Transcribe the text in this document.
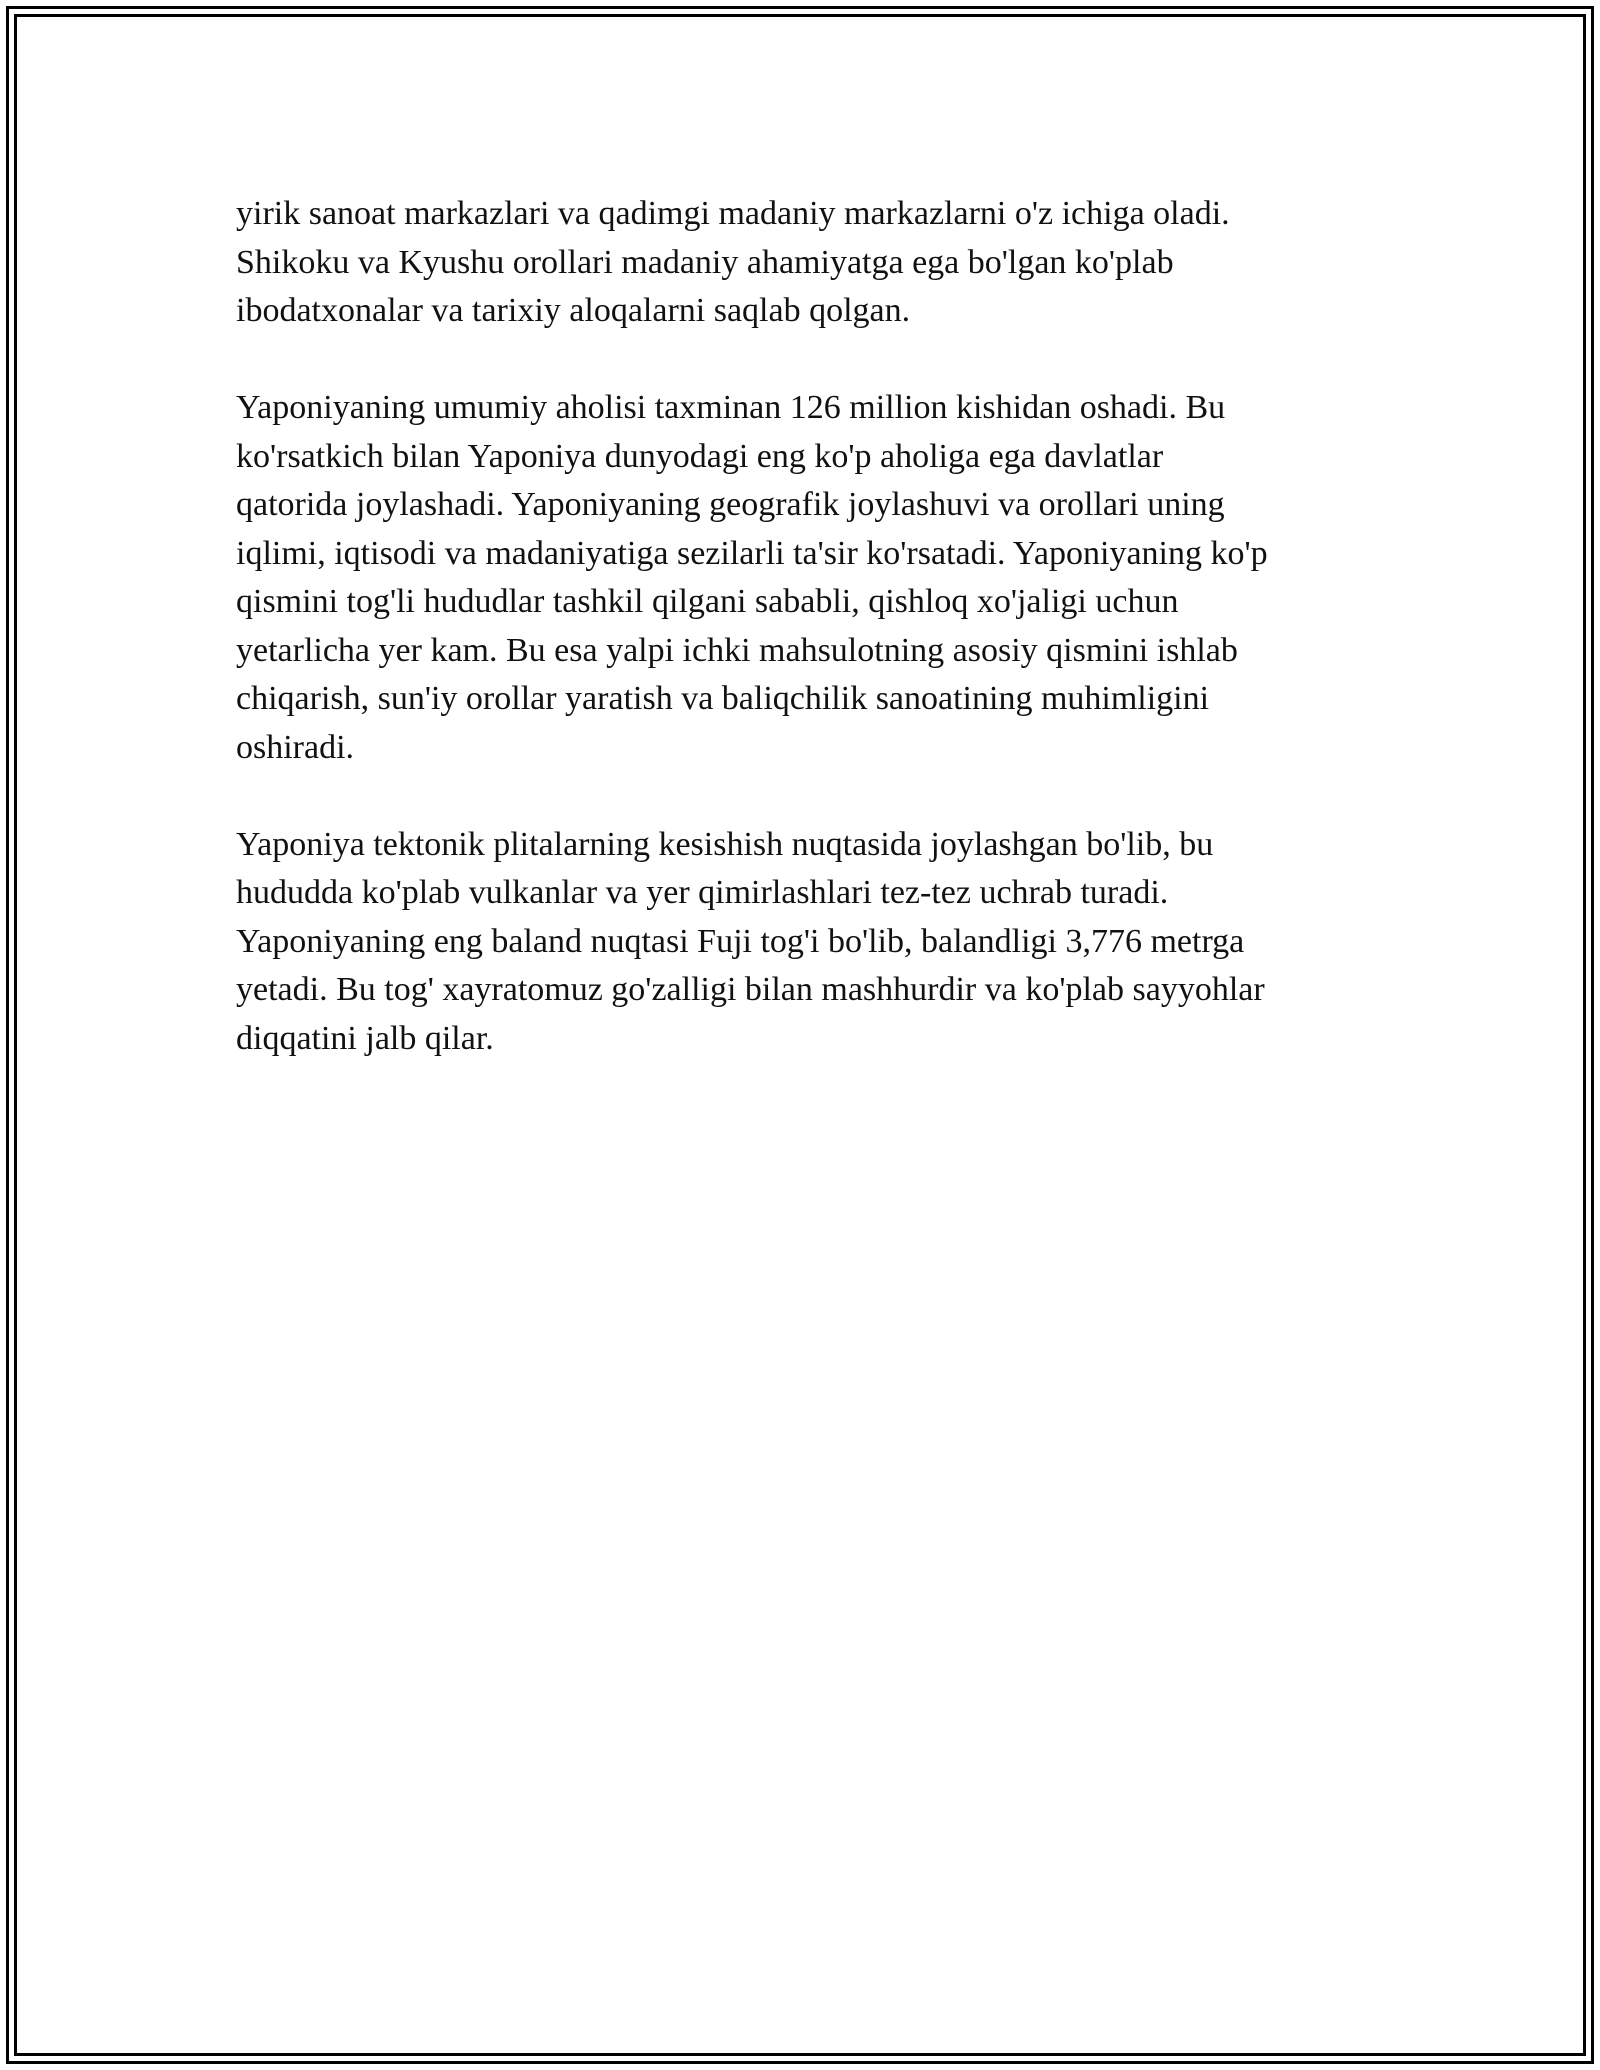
yirik sanoat markazlari va qadimgi madaniy markazlarni o'z ichiga oladi.
Shikoku va Kyushu orollari madaniy ahamiyatga ega bo'lgan ko'plab
ibodatxonalar va tarixiy aloqalarni saqlab qolgan.

Yaponiyaning umumiy aholisi taxminan 126 million kishidan oshadi. Bu
ko'rsatkich bilan Yaponiya dunyodagi eng ko'p aholiga ega davlatlar
qatorida joylashadi. Yaponiyaning geografik joylashuvi va orollari uning
iqlimi, iqtisodi va madaniyatiga sezilarli ta'sir ko'rsatadi. Yaponiyaning ko'p
qismini tog'li hududlar tashkil qilgani sababli, qishloq xo'jaligi uchun
yetarlicha yer kam. Bu esa yalpi ichki mahsulotning asosiy qismini ishlab
chiqarish, sun'iy orollar yaratish va baliqchilik sanoatining muhimligini
oshiradi.

Yaponiya tektonik plitalarning kesishish nuqtasida joylashgan bo'lib, bu
hududda ko'plab vulkanlar va yer qimirlashlari tez-tez uchrab turadi.
Yaponiyaning eng baland nuqtasi Fuji tog'i bo'lib, balandligi 3,776 metrga
yetadi. Bu tog' xayratomuz go'zalligi bilan mashhurdir va ko'plab sayyohlar
diqqatini jalb qilar.
